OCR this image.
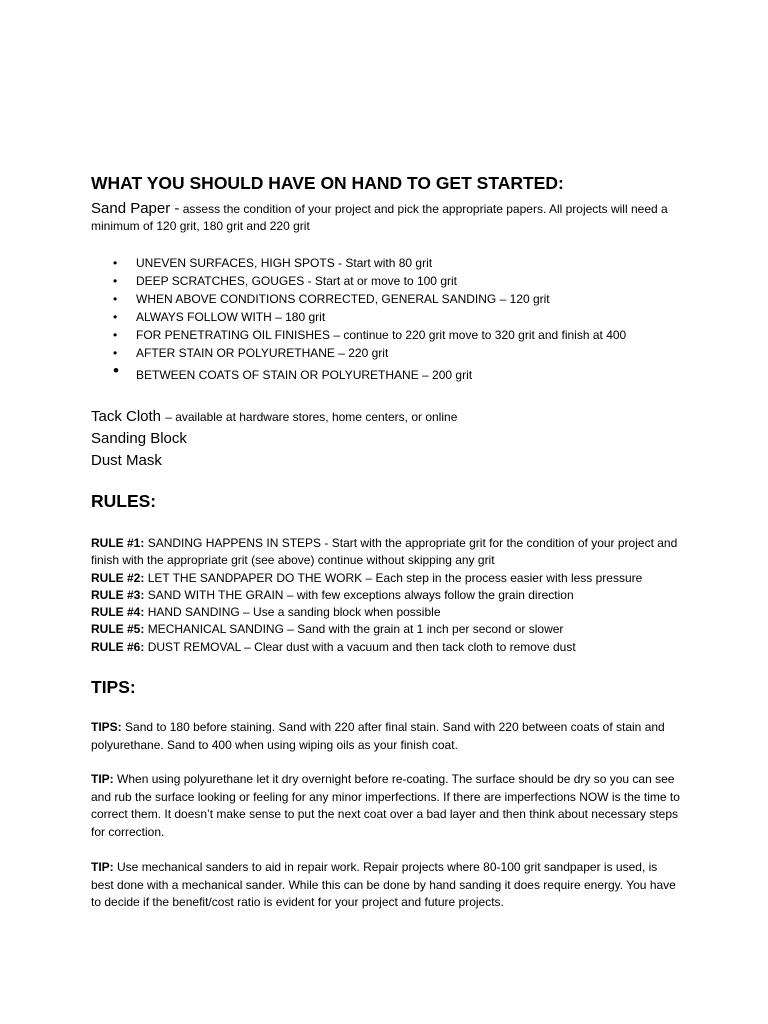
WHAT YOU SHOULD HAVE ON HAND TO GET STARTED:
Sand Paper - assess the condition of your project and pick the appropriate papers. All projects will need a minimum of 120 grit, 180 grit and 220 grit
• UNEVEN SURFACES, HIGH SPOTS - Start with 80 grit
• DEEP SCRATCHES, GOUGES - Start at or move to 100 grit
• WHEN ABOVE CONDITIONS CORRECTED, GENERAL SANDING – 120 grit
• ALWAYS FOLLOW WITH – 180 grit
• FOR PENETRATING OIL FINISHES – continue to 220 grit move to 320 grit and finish at 400
• AFTER STAIN OR POLYURETHANE – 220 grit
• BETWEEN COATS OF STAIN OR POLYURETHANE – 200 grit
Tack Cloth – available at hardware stores, home centers, or online
Sanding Block
Dust Mask
RULES:

RULE #1: SANDING HAPPENS IN STEPS - Start with the appropriate grit for the condition of your project and finish with the appropriate grit (see above) continue without skipping any grit

RULE #2: LET THE SANDPAPER DO THE WORK – Each step in the process easier with less pressure

RULE #3: SAND WITH THE GRAIN – with few exceptions always follow the grain direction

RULE #4: HAND SANDING – Use a sanding block when possible

RULE #5: MECHANICAL SANDING – Sand with the grain at 1 inch per second or slower

RULE #6: DUST REMOVAL – Clear dust with a vacuum and then tack cloth to remove dust

TIPS:

TIPS: Sand to 180 before staining. Sand with 220 after final stain. Sand with 220 between coats of stain and polyurethane. Sand to 400 when using wiping oils as your finish coat.

TIP: When using polyurethane let it dry overnight before re-coating. The surface should be dry so you can see and rub the surface looking or feeling for any minor imperfections. If there are imperfections NOW is the time to correct them. It doesn’t make sense to put the next coat over a bad layer and then think about necessary steps for correction.

TIP: Use mechanical sanders to aid in repair work. Repair projects where 80-100 grit sandpaper is used, is best done with a mechanical sander. While this can be done by hand sanding it does require energy. You have to decide if the benefit/cost ratio is evident for your project and future projects.
